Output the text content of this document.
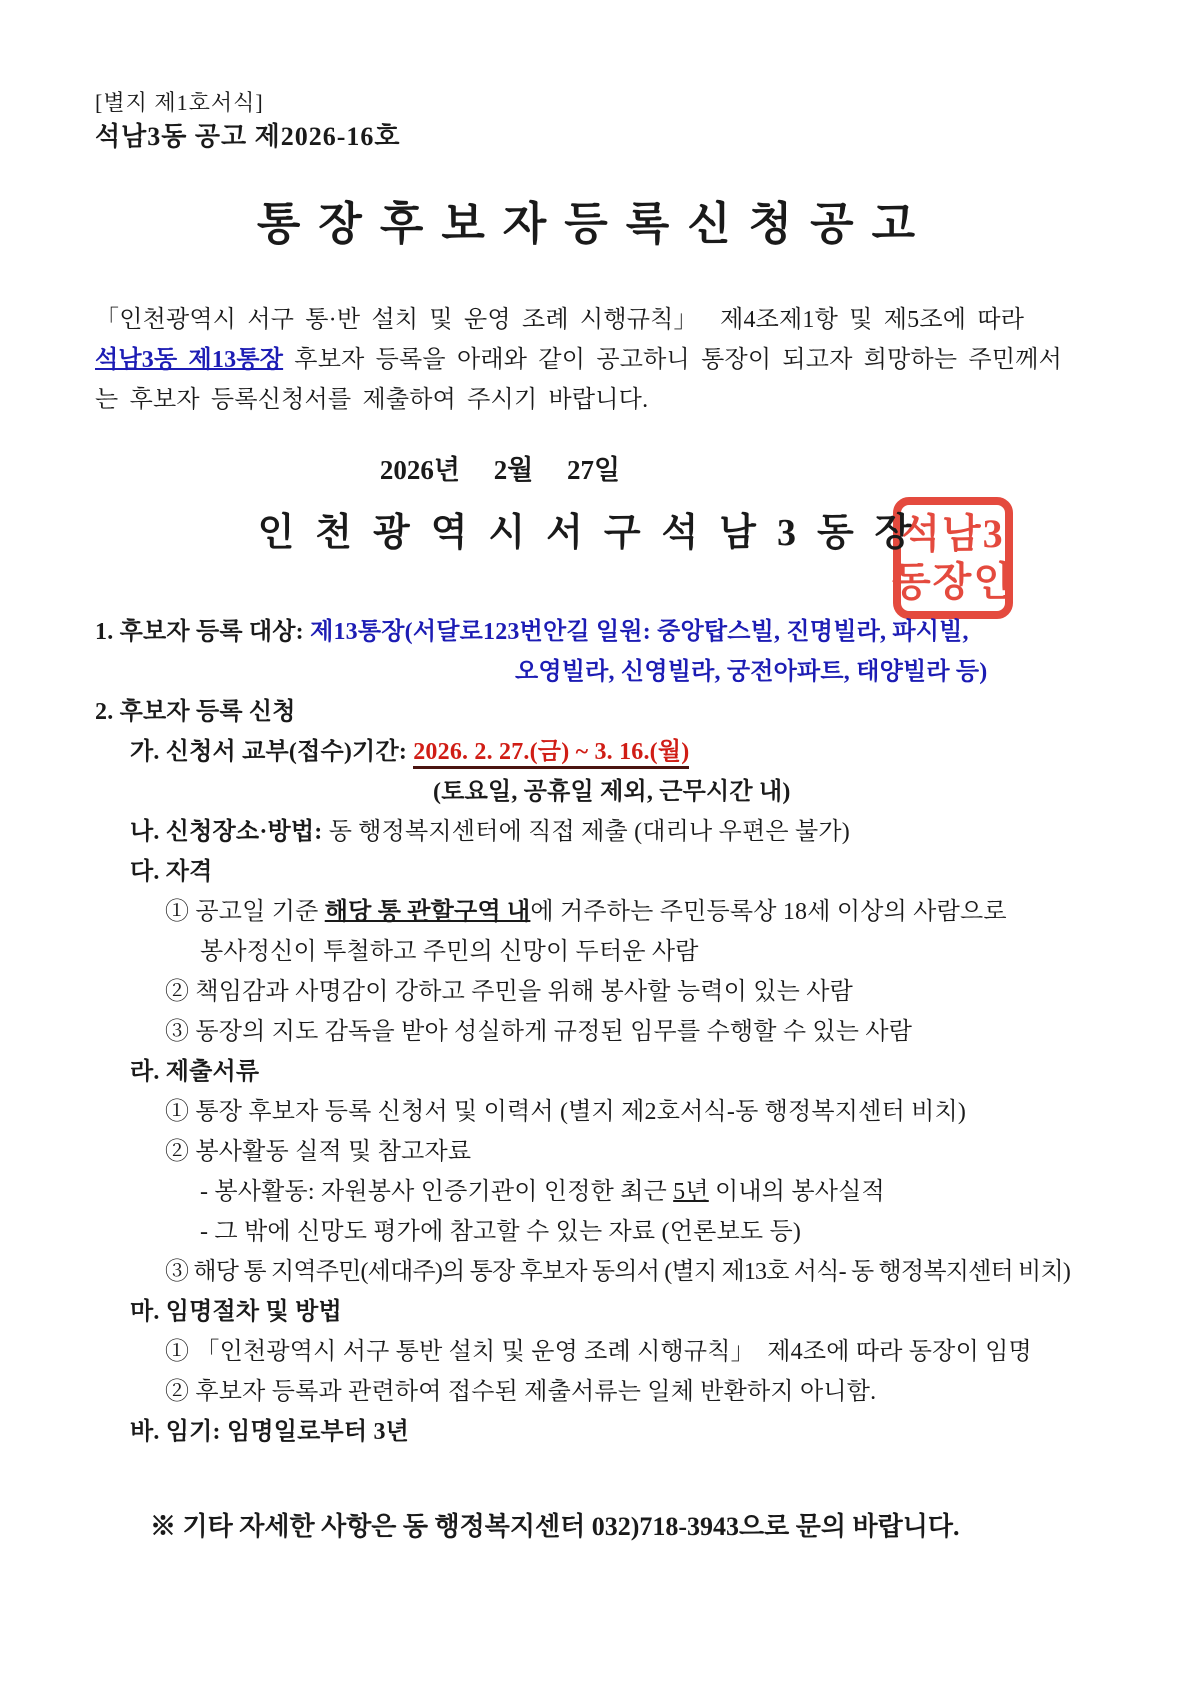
석남3
동장인
[별지 제1호서식]
석남3동 공고 제2026-16호
통장후보자등록신청공고
「인천광역시 서구 통·반 설치 및 운영 조례 시행규칙」  제4조제1항 및 제5조에 따라
석남3동 제13통장 후보자 등록을 아래와 같이 공고하니 통장이 되고자 희망하는 주민께서
는 후보자 등록신청서를 제출하여 주시기 바랍니다.
2026년     2월     27일
인천광역시서구석남3동장
1. 후보자 등록 대상: 제13통장(서달로123번안길 일원: 중앙탑스빌, 진명빌라, 파시빌,
오영빌라, 신영빌라, 궁전아파트, 태양빌라 등)
2. 후보자 등록 신청
가. 신청서 교부(접수)기간: 2026. 2. 27.(금) ~ 3. 16.(월)
(토요일, 공휴일 제외, 근무시간 내)
나. 신청장소·방법: 동 행정복지센터에 직접 제출 (대리나 우편은 불가)
다. 자격
① 공고일 기준 해당 통 관할구역 내에 거주하는 주민등록상 18세 이상의 사람으로
봉사정신이 투철하고 주민의 신망이 두터운 사람
② 책임감과 사명감이 강하고 주민을 위해 봉사할 능력이 있는 사람
③ 동장의 지도 감독을 받아 성실하게 규정된 임무를 수행할 수 있는 사람
라. 제출서류
① 통장 후보자 등록 신청서 및 이력서 (별지 제2호서식-동 행정복지센터 비치)
② 봉사활동 실적 및 참고자료
- 봉사활동: 자원봉사 인증기관이 인정한 최근 5년 이내의 봉사실적
- 그 밖에 신망도 평가에 참고할 수 있는 자료 (언론보도 등)
③ 해당 통 지역주민(세대주)의 통장 후보자 동의서 (별지 제13호 서식- 동 행정복지센터 비치)
마. 임명절차 및 방법
① 「인천광역시 서구 통반 설치 및 운영 조례 시행규칙」  제4조에 따라 동장이 임명
② 후보자 등록과 관련하여 접수된 제출서류는 일체 반환하지 아니함.
바. 임기: 임명일로부터 3년
※ 기타 자세한 사항은 동 행정복지센터 032)718-3943으로 문의 바랍니다.
